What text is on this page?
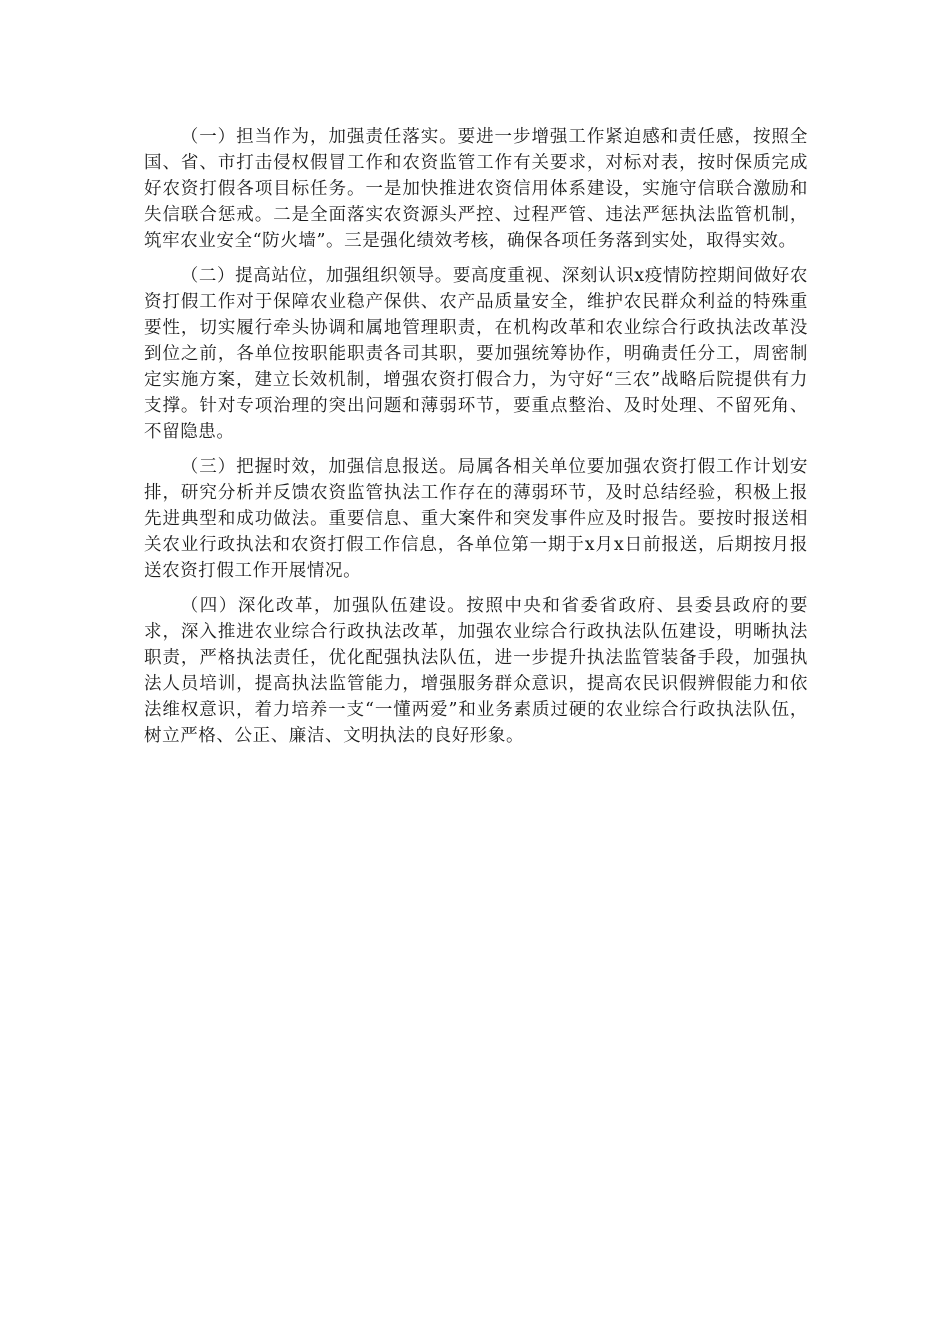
（一）担当作为，加强责任落实。要进一步增强工作紧迫感和责任感，按照全国、省、市打击侵权假冒工作和农资监管工作有关要求，对标对表，按时保质完成好农资打假各项目标任务。一是加快推进农资信用体系建设，实施守信联合激励和失信联合惩戒。二是全面落实农资源头严控、过程严管、违法严惩执法监管机制，筑牢农业安全“防火墙”。三是强化绩效考核，确保各项任务落到实处，取得实效。

（二）提高站位，加强组织领导。要高度重视、深刻认识x疫情防控期间做好农资打假工作对于保障农业稳产保供、农产品质量安全，维护农民群众利益的特殊重要性，切实履行牵头协调和属地管理职责，在机构改革和农业综合行政执法改革没到位之前，各单位按职能职责各司其职，要加强统筹协作，明确责任分工，周密制定实施方案，建立长效机制，增强农资打假合力，为守好“三农”战略后院提供有力支撑。针对专项治理的突出问题和薄弱环节，要重点整治、及时处理、不留死角、不留隐患。

（三）把握时效，加强信息报送。局属各相关单位要加强农资打假工作计划安排，研究分析并反馈农资监管执法工作存在的薄弱环节，及时总结经验，积极上报先进典型和成功做法。重要信息、重大案件和突发事件应及时报告。要按时报送相关农业行政执法和农资打假工作信息，各单位第一期于x月x日前报送，后期按月报送农资打假工作开展情况。

（四）深化改革，加强队伍建设。按照中央和省委省政府、县委县政府的要求，深入推进农业综合行政执法改革，加强农业综合行政执法队伍建设，明晰执法职责，严格执法责任，优化配强执法队伍，进一步提升执法监管装备手段，加强执法人员培训，提高执法监管能力，增强服务群众意识，提高农民识假辨假能力和依法维权意识，着力培养一支“一懂两爱”和业务素质过硬的农业综合行政执法队伍，树立严格、公正、廉洁、文明执法的良好形象。
